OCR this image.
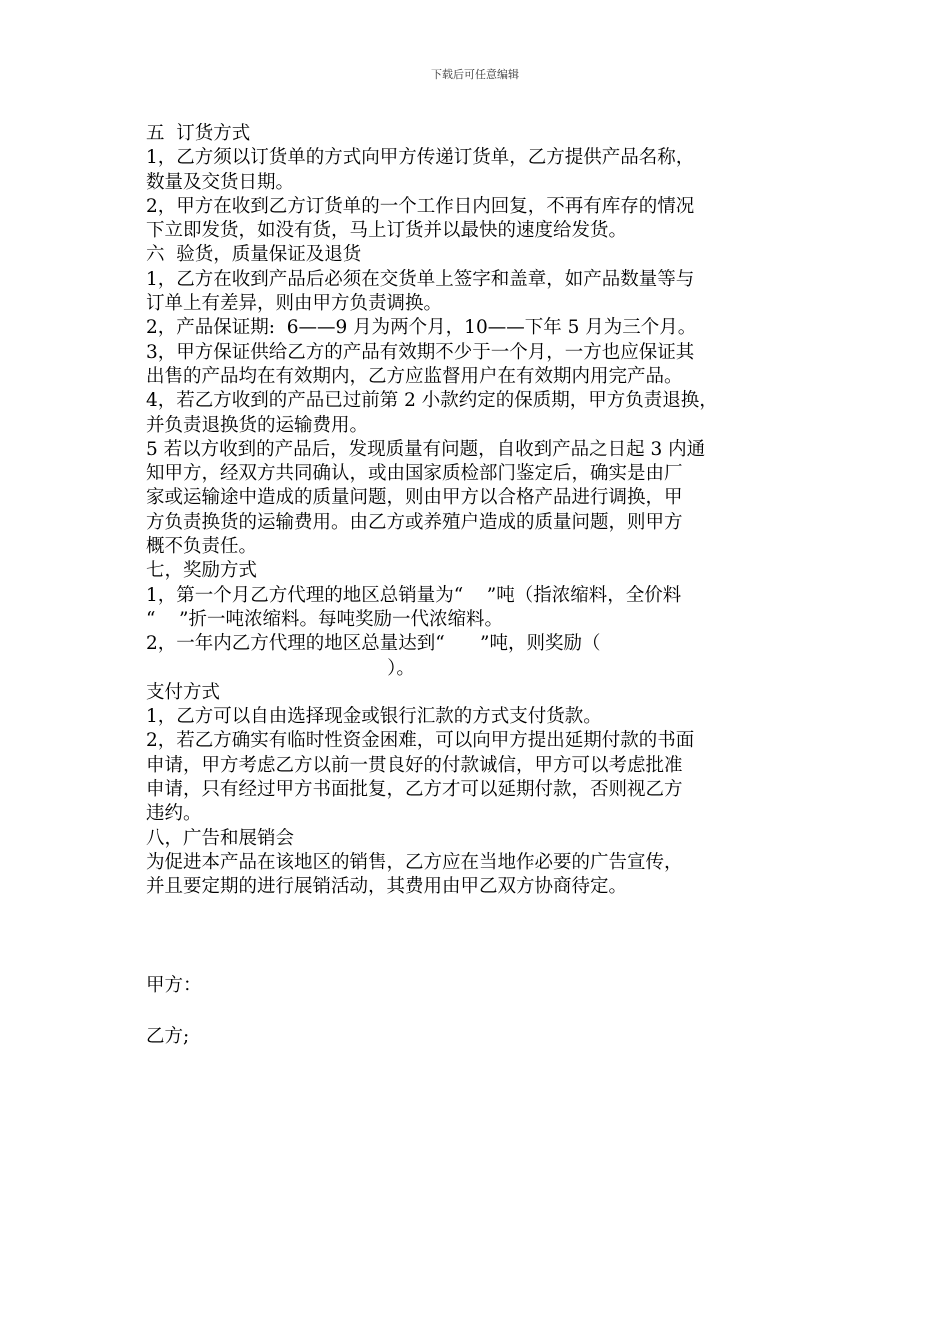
下载后可任意编辑

五  订货方式

1，乙方须以订货单的方式向甲方传递订货单，乙方提供产品名称，

数量及交货日期。

2，甲方在收到乙方订货单的一个工作日内回复，不再有库存的情况

下立即发货，如没有货，马上订货并以最快的速度给发货。

六  验货，质量保证及退货

1，乙方在收到产品后必须在交货单上签字和盖章，如产品数量等与

订单上有差异，则由甲方负责调换。

2，产品保证期:  6——9 月为两个月，10——下年 5 月为三个月。

3，甲方保证供给乙方的产品有效期不少于一个月，一方也应保证其

出售的产品均在有效期内，乙方应监督用户在有效期内用完产品。

4，若乙方收到的产品已过前第 2 小款约定的保质期，甲方负责退换，

并负责退换货的运输费用。

5 若以方收到的产品后，发现质量有问题，自收到产品之日起 3 内通

知甲方，经双方共同确认，或由国家质检部门鉴定后，确实是由厂

家或运输途中造成的质量问题，则由甲方以合格产品进行调换，甲

方负责换货的运输费用。由乙方或养殖户造成的质量问题，则甲方

概不负责任。

七，奖励方式

1，第一个月乙方代理的地区总销量为“    ”吨（指浓缩料，全价料

“    ”折一吨浓缩料。每吨奖励一代浓缩料。

2，一年内乙方代理的地区总量达到“      ”吨，则奖励（

）。

支付方式

1，乙方可以自由选择现金或银行汇款的方式支付货款。

2，若乙方确实有临时性资金困难，可以向甲方提出延期付款的书面

申请，甲方考虑乙方以前一贯良好的付款诚信，甲方可以考虑批准

申请，只有经过甲方书面批复，乙方才可以延期付款，否则视乙方

违约。

八，广告和展销会

为促进本产品在该地区的销售，乙方应在当地作必要的广告宣传，

并且要定期的进行展销活动，其费用由甲乙双方协商待定。

甲方：
乙方;
